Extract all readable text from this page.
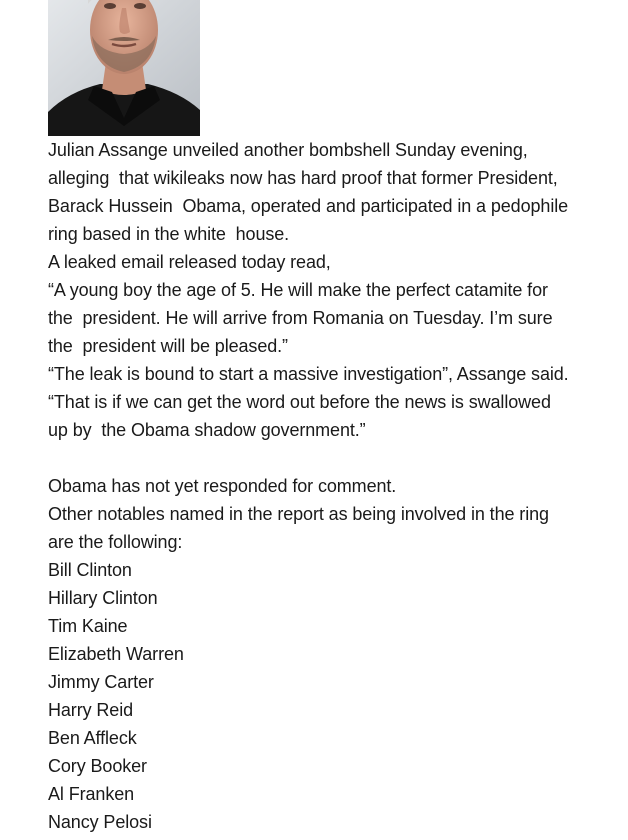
Julian Assange unveiled another bombshell Sunday evening,
alleging  that wikileaks now has hard proof that former President,
Barack Hussein  Obama, operated and participated in a pedophile
ring based in the white  house.
A leaked email released today read,
“A young boy the age of 5. He will make the perfect catamite for
the  president. He will arrive from Romania on Tuesday. I’m sure
the  president will be pleased.”
“The leak is bound to start a massive investigation”, Assange said.
“That is if we can get the word out before the news is swallowed
up by  the Obama shadow government.”
Obama has not yet responded for comment.
Other notables named in the report as being involved in the ring
are the following:
Bill Clinton
Hillary Clinton
Tim Kaine
Elizabeth Warren
Jimmy Carter
Harry Reid
Ben Affleck
Cory Booker
Al Franken
Nancy Pelosi
